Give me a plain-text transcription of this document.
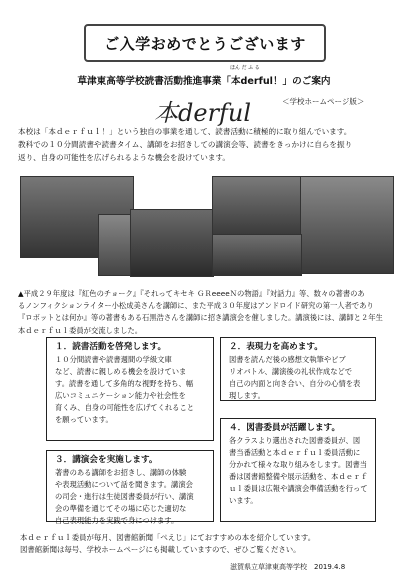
ご入学おめでとうございます
ほん だ ふ る
草津東高等学校読書活動推進事業「本derful！」のご案内
本derful	＜学校ホームページ版＞
本校は「本ｄｅｒｆｕｌ！」という独自の事業を通して、読書活動に積極的に取り組んでいます。
教科での１０分間読書や読書タイム、講師をお招きしての講演会等、読書をきっかけに自らを振り
返り、自身の可能性を広げられるような機会を設けています。
▲平成２９年度は『紅色のチョーク』『それってキセキ ＧＲeeeeＮの物語』『対話力』等、数々の著書のあ
るノンフィクションライター小松成美さんを講師に、また平成３０年度はアンドロイド研究の第一人者であり
『ロボットとは何か』等の著書もある石黒浩さんを講師に招き講演会を催しました。講演後には、講師と２年生
本ｄｅｒｆｕｌ委員が交流しました。
１．読書活動を啓発します。
１０分間読書や読書週間の学級文庫
など、読書に親しめる機会を設けていま
す。読書を通して多角的な視野を持ち、幅
広いコミュニケーション能力や社会性を
育くみ、自身の可能性を広げてくれること
を願っています。
２．表現力を高めます。
図書を読んだ後の感想文執筆やビブ
リオバトル、講演後の礼状作成などで
自己の内面と向き合い、自分の心情を表
現します。
３．講演会を実施します。
著書のある講師をお招きし、講師の体験
や表現活動について話を聞きます。講演会
の司会・進行は生徒図書委員が行い、講演
会の準備を通じてその場に応じた適切な
自己表現能力を実践で身につけます。
４．図書委員が活躍します。
各クラスより選出された図書委員が、図
書当番活動と本ｄｅｒｆｕｌ委員活動に
分かれて様々な取り組みをします。図書当
番は図書館整備や展示活動を、本ｄｅｒｆ
ｕｌ委員は広報や講演会準備活動を行って
います。
本ｄｅｒｆｕｌ委員が毎月、図書館新聞「ぺえじ」にておすすめの本を紹介しています。
図書館新聞は毎号、学校ホームページにも掲載していますので、ぜひご覧ください。
滋賀県立草津東高等学校　2019.4.8
